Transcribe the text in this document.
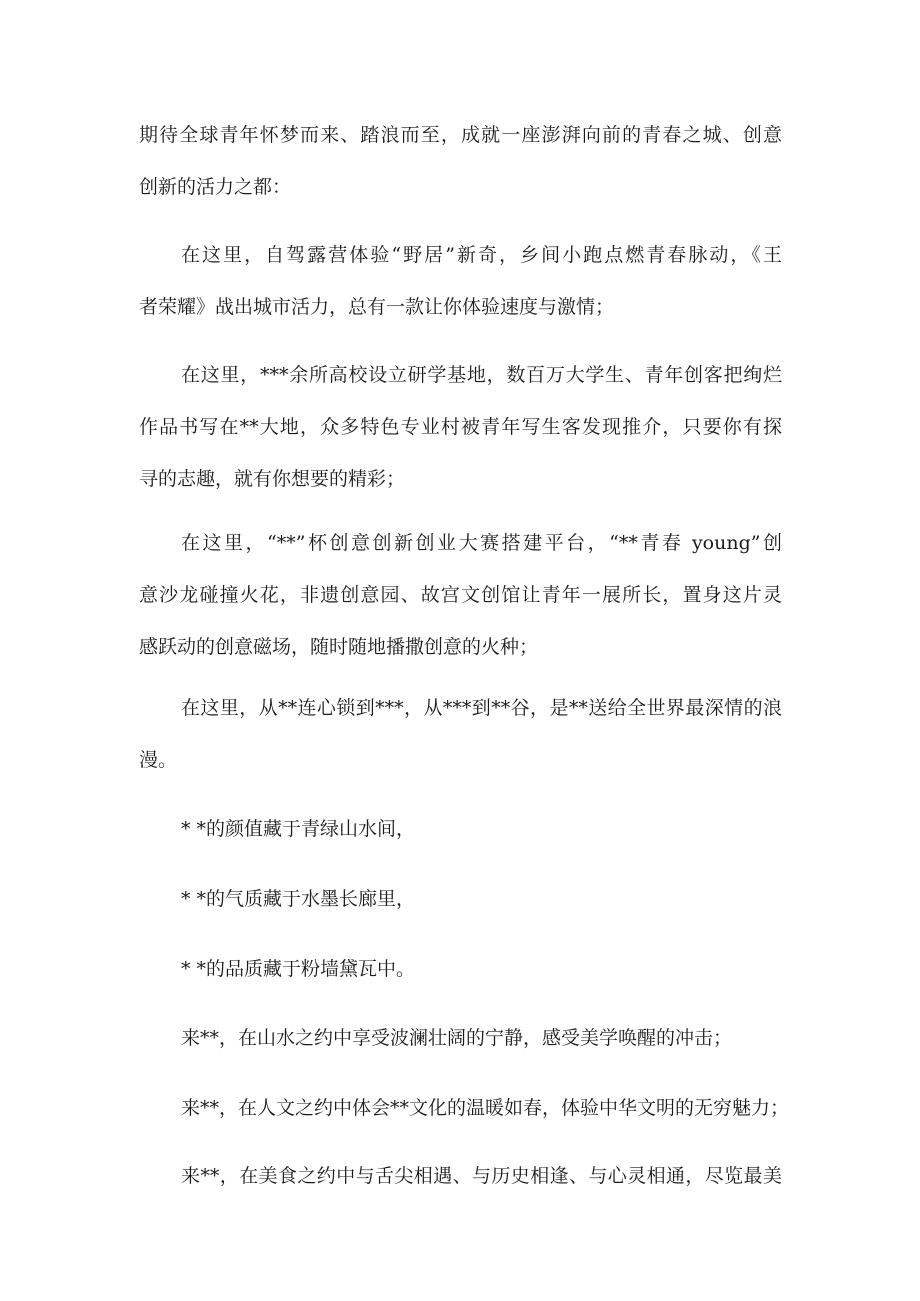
期待全球青年怀梦而来、踏浪而至，成就一座澎湃向前的青春之城、创意
创新的活力之都：
在这里，自驾露营体验“野居”新奇，乡间小跑点燃青春脉动，《王
者荣耀》战出城市活力，总有一款让你体验速度与激情；
在这里，***余所高校设立研学基地，数百万大学生、青年创客把绚烂
作品书写在**大地，众多特色专业村被青年写生客发现推介，只要你有探
寻的志趣，就有你想要的精彩；
在这里，“**”杯创意创新创业大赛搭建平台，“**青春 young”创
意沙龙碰撞火花，非遗创意园、故宫文创馆让青年一展所长，置身这片灵
感跃动的创意磁场，随时随地播撒创意的火种；
在这里，从**连心锁到***，从***到**谷，是**送给全世界最深情的浪
漫。
* *的颜值藏于青绿山水间，
* *的气质藏于水墨长廊里，
* *的品质藏于粉墙黛瓦中。
来**，在山水之约中享受波澜壮阔的宁静，感受美学唤醒的冲击；
来**，在人文之约中体会**文化的温暖如春，体验中华文明的无穷魅力；
来**，在美食之约中与舌尖相遇、与历史相逢、与心灵相通，尽览最美
